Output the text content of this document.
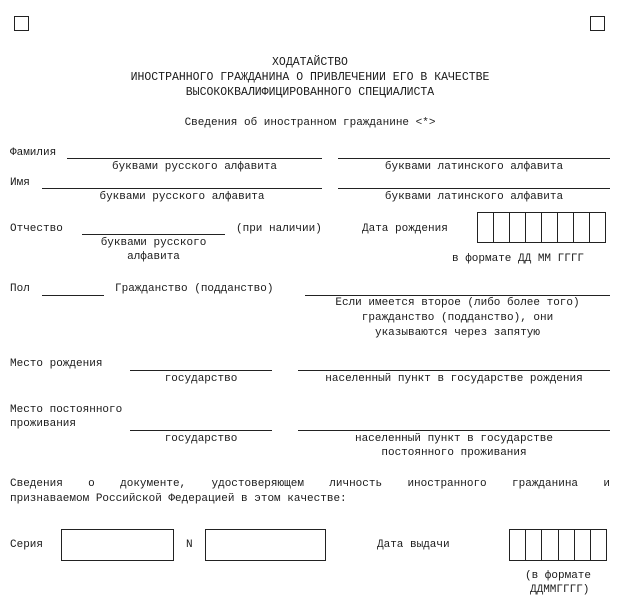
ХОДАТАЙСТВО
ИНОСТРАННОГО ГРАЖДАНИНА О ПРИВЛЕЧЕНИИ ЕГО В КАЧЕСТВЕ
ВЫСОКОКВАЛИФИЦИРОВАННОГО СПЕЦИАЛИСТА
Сведения об иностранном гражданине <*>
Фамилия
буквами русского алфавита	буквами латинского алфавита
Имя
буквами русского алфавита	буквами латинского алфавита
Отчество	(при наличии)
буквами русского
алфавита
Дата рождения
в формате ДД ММ ГГГГ
Пол	Гражданство (подданство)
Если имеется второе (либо более того)
гражданство (подданство), они
указываются через запятую
Место рождения
государство	населенный пункт в государстве рождения
Место постоянного
проживания
государство	населенный пункт в государстве
постоянного проживания
Сведения о документе, удостоверяющем личность иностранного гражданина и
признаваемом Российской Федерацией в этом качестве:
Серия	N	Дата выдачи
(в формате
ДДММГГГГ)
